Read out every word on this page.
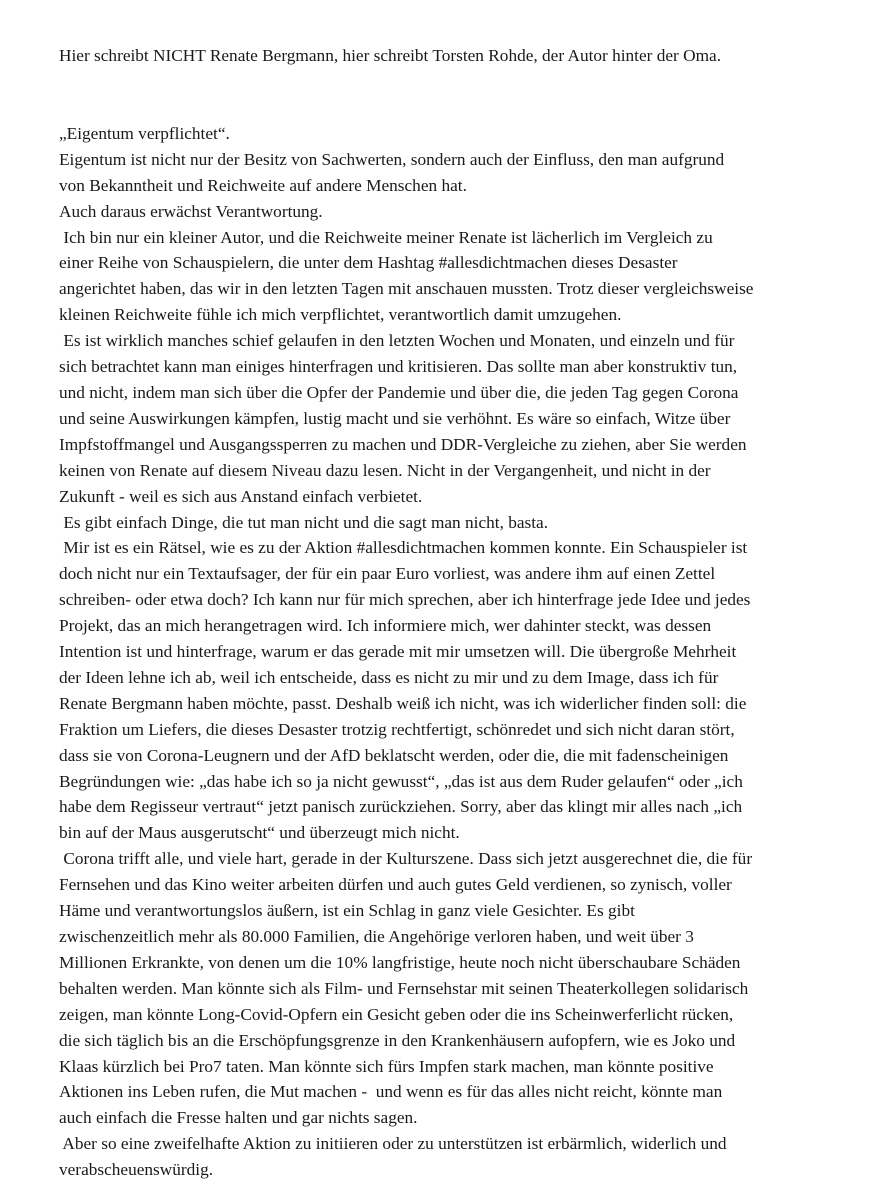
Hier schreibt NICHT Renate Bergmann, hier schreibt Torsten Rohde, der Autor hinter der Oma.

„Eigentum verpflichtet“.

Eigentum ist nicht nur der Besitz von Sachwerten, sondern auch der Einfluss, den man aufgrund

von Bekanntheit und Reichweite auf andere Menschen hat.

Auch daraus erwächst Verantwortung.

Ich bin nur ein kleiner Autor, und die Reichweite meiner Renate ist lächerlich im Vergleich zu

einer Reihe von Schauspielern, die unter dem Hashtag #allesdichtmachen dieses Desaster

angerichtet haben, das wir in den letzten Tagen mit anschauen mussten. Trotz dieser vergleichsweise

kleinen Reichweite fühle ich mich verpflichtet, verantwortlich damit umzugehen.

Es ist wirklich manches schief gelaufen in den letzten Wochen und Monaten, und einzeln und für

sich betrachtet kann man einiges hinterfragen und kritisieren. Das sollte man aber konstruktiv tun,

und nicht, indem man sich über die Opfer der Pandemie und über die, die jeden Tag gegen Corona

und seine Auswirkungen kämpfen, lustig macht und sie verhöhnt. Es wäre so einfach, Witze über

Impfstoffmangel und Ausgangssperren zu machen und DDR-Vergleiche zu ziehen, aber Sie werden

keinen von Renate auf diesem Niveau dazu lesen. Nicht in der Vergangenheit, und nicht in der

Zukunft - weil es sich aus Anstand einfach verbietet.

Es gibt einfach Dinge, die tut man nicht und die sagt man nicht, basta.

Mir ist es ein Rätsel, wie es zu der Aktion #allesdichtmachen kommen konnte. Ein Schauspieler ist

doch nicht nur ein Textaufsager, der für ein paar Euro vorliest, was andere ihm auf einen Zettel

schreiben- oder etwa doch? Ich kann nur für mich sprechen, aber ich hinterfrage jede Idee und jedes

Projekt, das an mich herangetragen wird. Ich informiere mich, wer dahinter steckt, was dessen

Intention ist und hinterfrage, warum er das gerade mit mir umsetzen will. Die übergroße Mehrheit

der Ideen lehne ich ab, weil ich entscheide, dass es nicht zu mir und zu dem Image, dass ich für

Renate Bergmann haben möchte, passt. Deshalb weiß ich nicht, was ich widerlicher finden soll: die

Fraktion um Liefers, die dieses Desaster trotzig rechtfertigt, schönredet und sich nicht daran stört,

dass sie von Corona-Leugnern und der AfD beklatscht werden, oder die, die mit fadenscheinigen

Begründungen wie: „das habe ich so ja nicht gewusst“, „das ist aus dem Ruder gelaufen“ oder „ich

habe dem Regisseur vertraut“ jetzt panisch zurückziehen. Sorry, aber das klingt mir alles nach „ich

bin auf der Maus ausgerutscht“ und überzeugt mich nicht.

Corona trifft alle, und viele hart, gerade in der Kulturszene. Dass sich jetzt ausgerechnet die, die für

Fernsehen und das Kino weiter arbeiten dürfen und auch gutes Geld verdienen, so zynisch, voller

Häme und verantwortungslos äußern, ist ein Schlag in ganz viele Gesichter. Es gibt

zwischenzeitlich mehr als 80.000 Familien, die Angehörige verloren haben, und weit über 3

Millionen Erkrankte, von denen um die 10% langfristige, heute noch nicht überschaubare Schäden

behalten werden. Man könnte sich als Film- und Fernsehstar mit seinen Theaterkollegen solidarisch

zeigen, man könnte Long-Covid-Opfern ein Gesicht geben oder die ins Scheinwerferlicht rücken,

die sich täglich bis an die Erschöpfungsgrenze in den Krankenhäusern aufopfern, wie es Joko und

Klaas kürzlich bei Pro7 taten. Man könnte sich fürs Impfen stark machen, man könnte positive

Aktionen ins Leben rufen, die Mut machen -  und wenn es für das alles nicht reicht, könnte man

auch einfach die Fresse halten und gar nichts sagen.

Aber so eine zweifelhafte Aktion zu initiieren oder zu unterstützen ist erbärmlich, widerlich und

verabscheuenswürdig.
